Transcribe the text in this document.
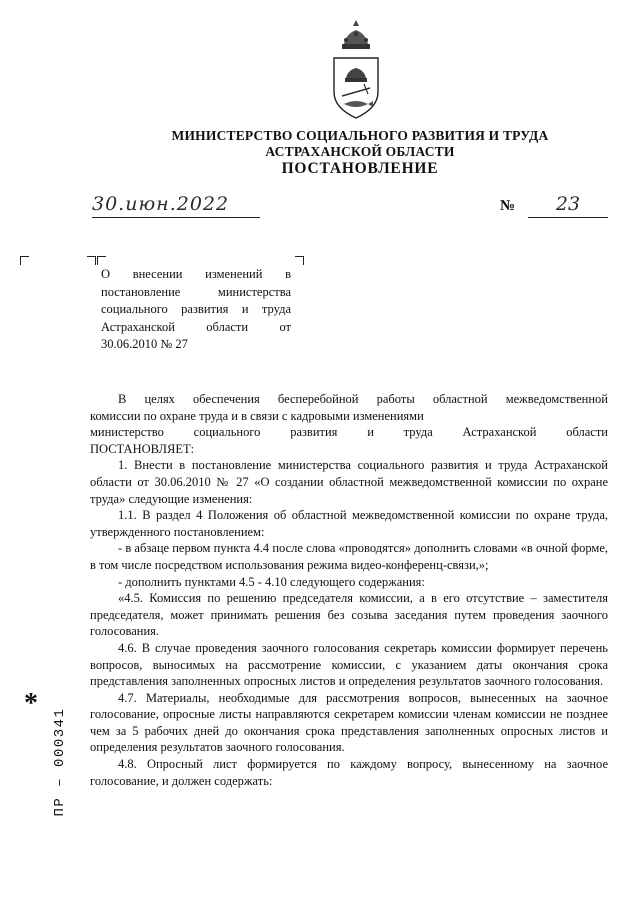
МИНИСТЕРСТВО СОЦИАЛЬНОГО РАЗВИТИЯ И ТРУДА
АСТРАХАНСКОЙ ОБЛАСТИ
ПОСТАНОВЛЕНИЕ
30.июн.2022	№	23
О внесении изменений в
постановление министерства
социального развития и труда
Астраханской области от
30.06.2010 № 27

В целях обеспечения бесперебойной работы областной межведомственной

комиссии по охране труда и в связи с кадровыми изменениями

министерство социального развития и труда Астраханской области

ПОСТАНОВЛЯЕТ:

1. Внести в постановление министерства социального развития и труда Астраханской области от 30.06.2010 № 27 «О создании областной межведомственной комиссии по охране труда» следующие изменения:

1.1. В раздел 4 Положения об областной межведомственной комиссии по охране труда, утвержденного постановлением:

- в абзаце первом пункта 4.4 после слова «проводятся» дополнить словами «в очной форме, в том числе посредством использования режима видео-конференц-связи,»;

- дополнить пунктами 4.5 - 4.10 следующего содержания:

«4.5. Комиссия по решению председателя комиссии, а в его отсутствие – заместителя председателя, может принимать решения без созыва заседания путем проведения заочного голосования.

4.6. В случае проведения заочного голосования секретарь комиссии формирует перечень вопросов, выносимых на рассмотрение комиссии, с указанием даты окончания срока представления заполненных опросных листов и определения результатов заочного голосования.

4.7. Материалы, необходимые для рассмотрения вопросов, вынесенных на заочное голосование, опросные листы направляются секретарем комиссии членам комиссии не позднее чем за 5 рабочих дней до окончания срока представления заполненных опросных листов и определения результатов заочного голосования.

4.8. Опросный лист формируется по каждому вопросу, вынесенному на заочное голосование, и должен содержать:

*
ПР – 000341
